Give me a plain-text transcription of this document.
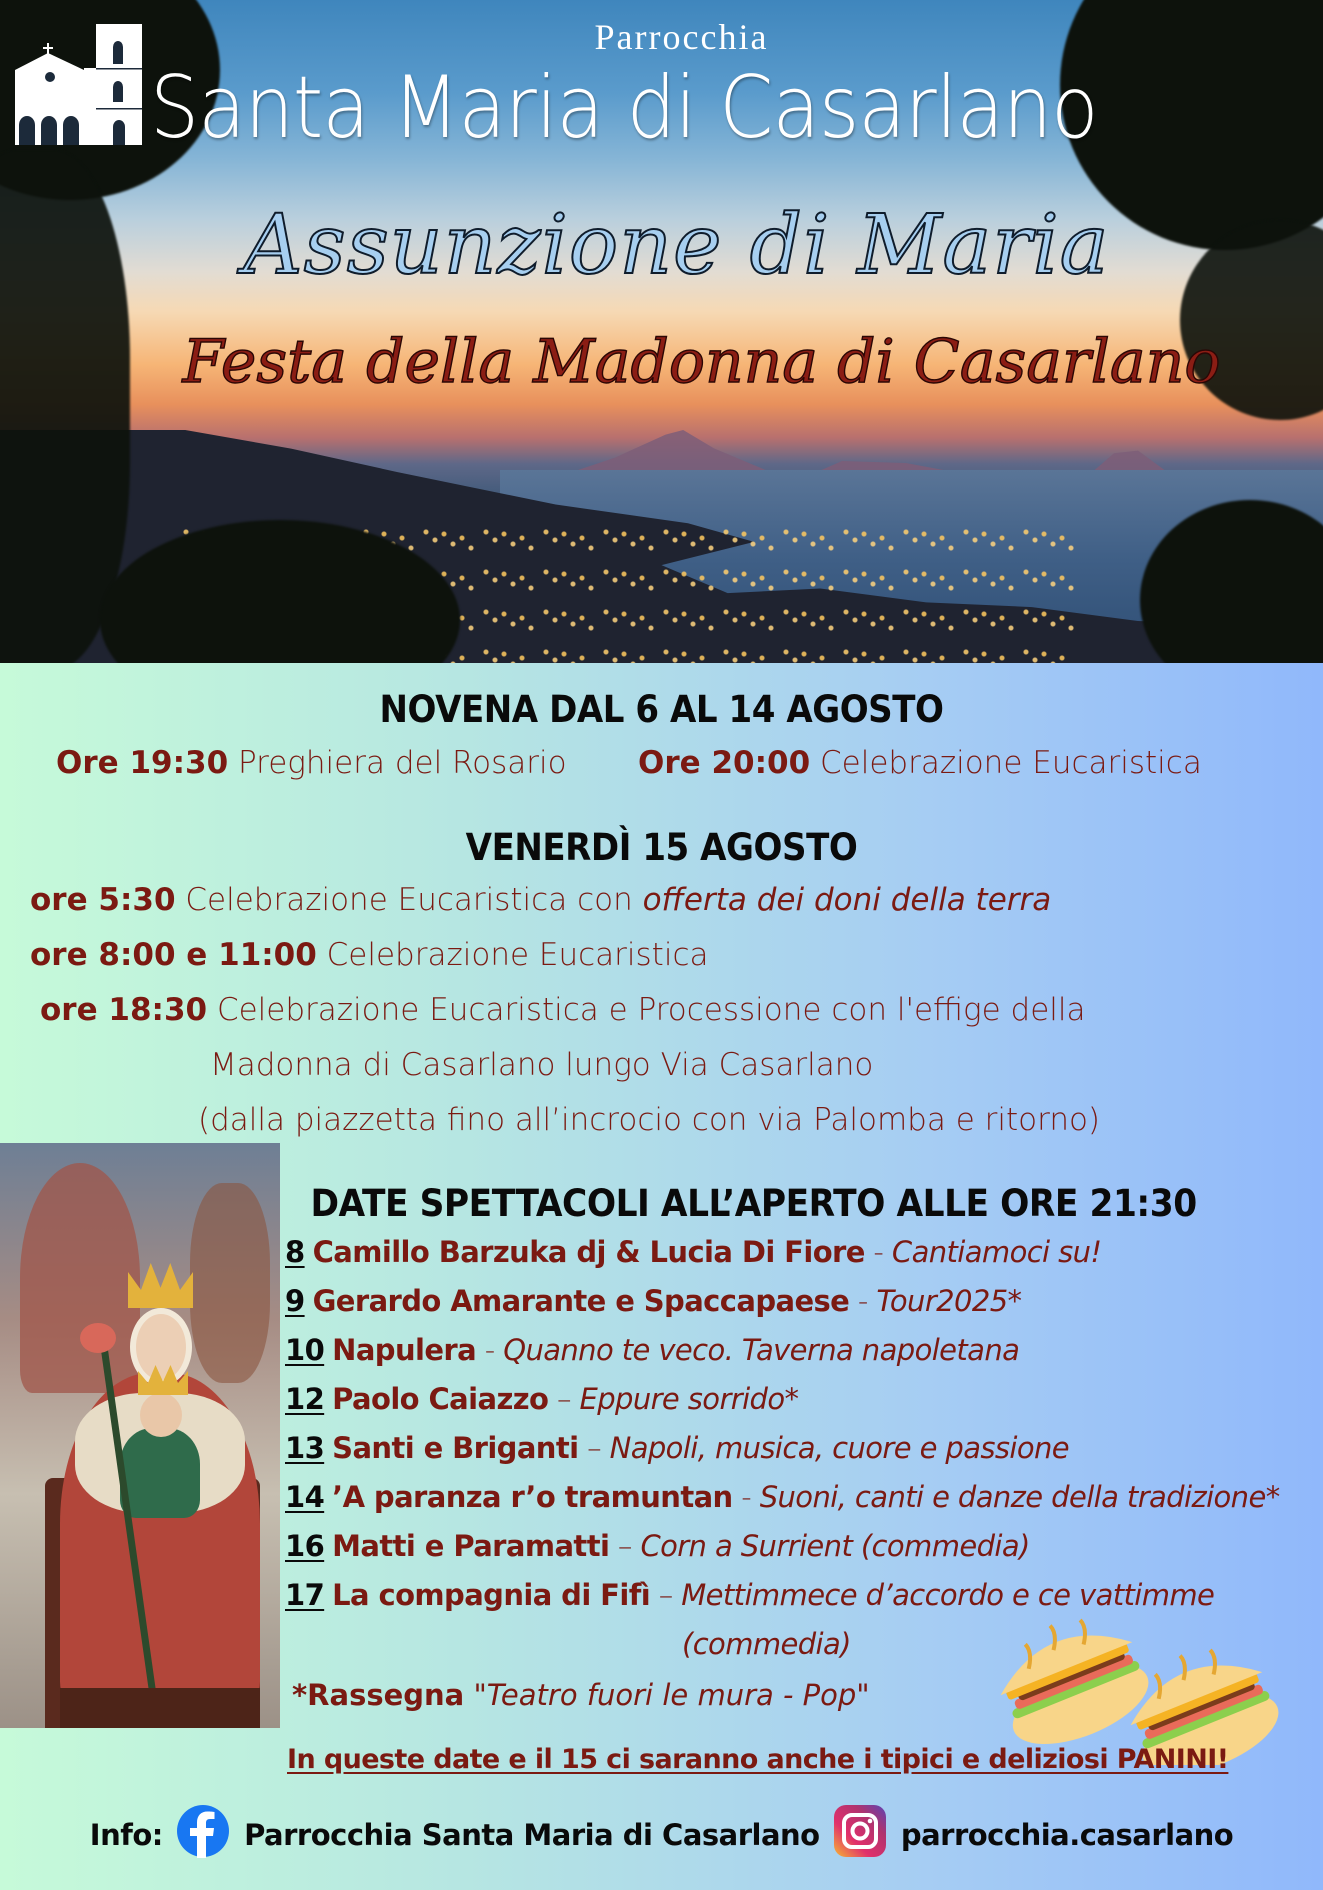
Parrocchia
Santa Maria di Casarlano
Assunzione di Maria
Festa della Madonna di Casarlano
NOVENA DAL 6 AL 14 AGOSTO
Ore 19:30 Preghiera del Rosario Ore 20:00 Celebrazione Eucaristica
VENERDÌ 15 AGOSTO
ore 5:30 Celebrazione Eucaristica con offerta dei doni della terra
ore 8:00 e 11:00 Celebrazione Eucaristica
ore 18:30 Celebrazione Eucaristica e Processione con l'effige della
Madonna di Casarlano lungo Via Casarlano
(dalla piazzetta fino all’incrocio con via Palomba e ritorno)
DATE SPETTACOLI ALL’APERTO ALLE ORE 21:30
8 Camillo Barzuka dj & Lucia Di Fiore - Cantiamoci su!
9 Gerardo Amarante e Spaccapaese - Tour2025*
10 Napulera - Quanno te veco. Taverna napoletana
12 Paolo Caiazzo – Eppure sorrido*
13 Santi e Briganti – Napoli, musica, cuore e passione
14 ’A paranza r’o tramuntan - Suoni, canti e danze della tradizione*
16 Matti e Paramatti – Corn a Surrient (commedia)
17 La compagnia di Fifì – Mettimmece d’accordo e ce vattimme
(commedia)
*Rassegna "Teatro fuori le mura - Pop"
In queste date e il 15 ci saranno anche i tipici e deliziosi PANINI!
Info:	Parrocchia Santa Maria di Casarlano	parrocchia.casarlano
